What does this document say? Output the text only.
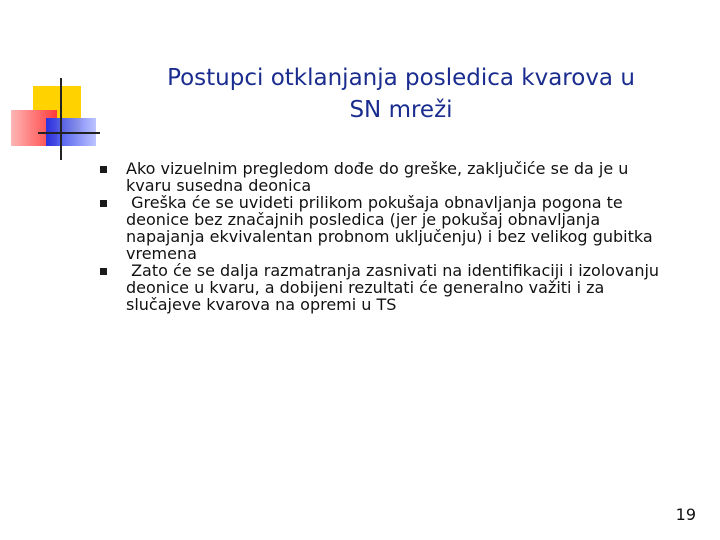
Postupci otklanjanja posledica kvarova u
SN mreži
Ako vizuelnim pregledom dođe do greške, zaključiće se da je u kvaru susedna deonica
Greška će se uvideti prilikom pokušaja obnavljanja pogona te deonice bez značajnih posledica (jer je pokušaj obnavljanja napajanja ekvivalentan probnom uključenju) i bez velikog gubitka vremena
Zato će se dalja razmatranja zasnivati na identifikaciji i izolovanju deonice u kvaru, a dobijeni rezultati će generalno važiti i za slučajeve kvarova na opremi u TS
19
